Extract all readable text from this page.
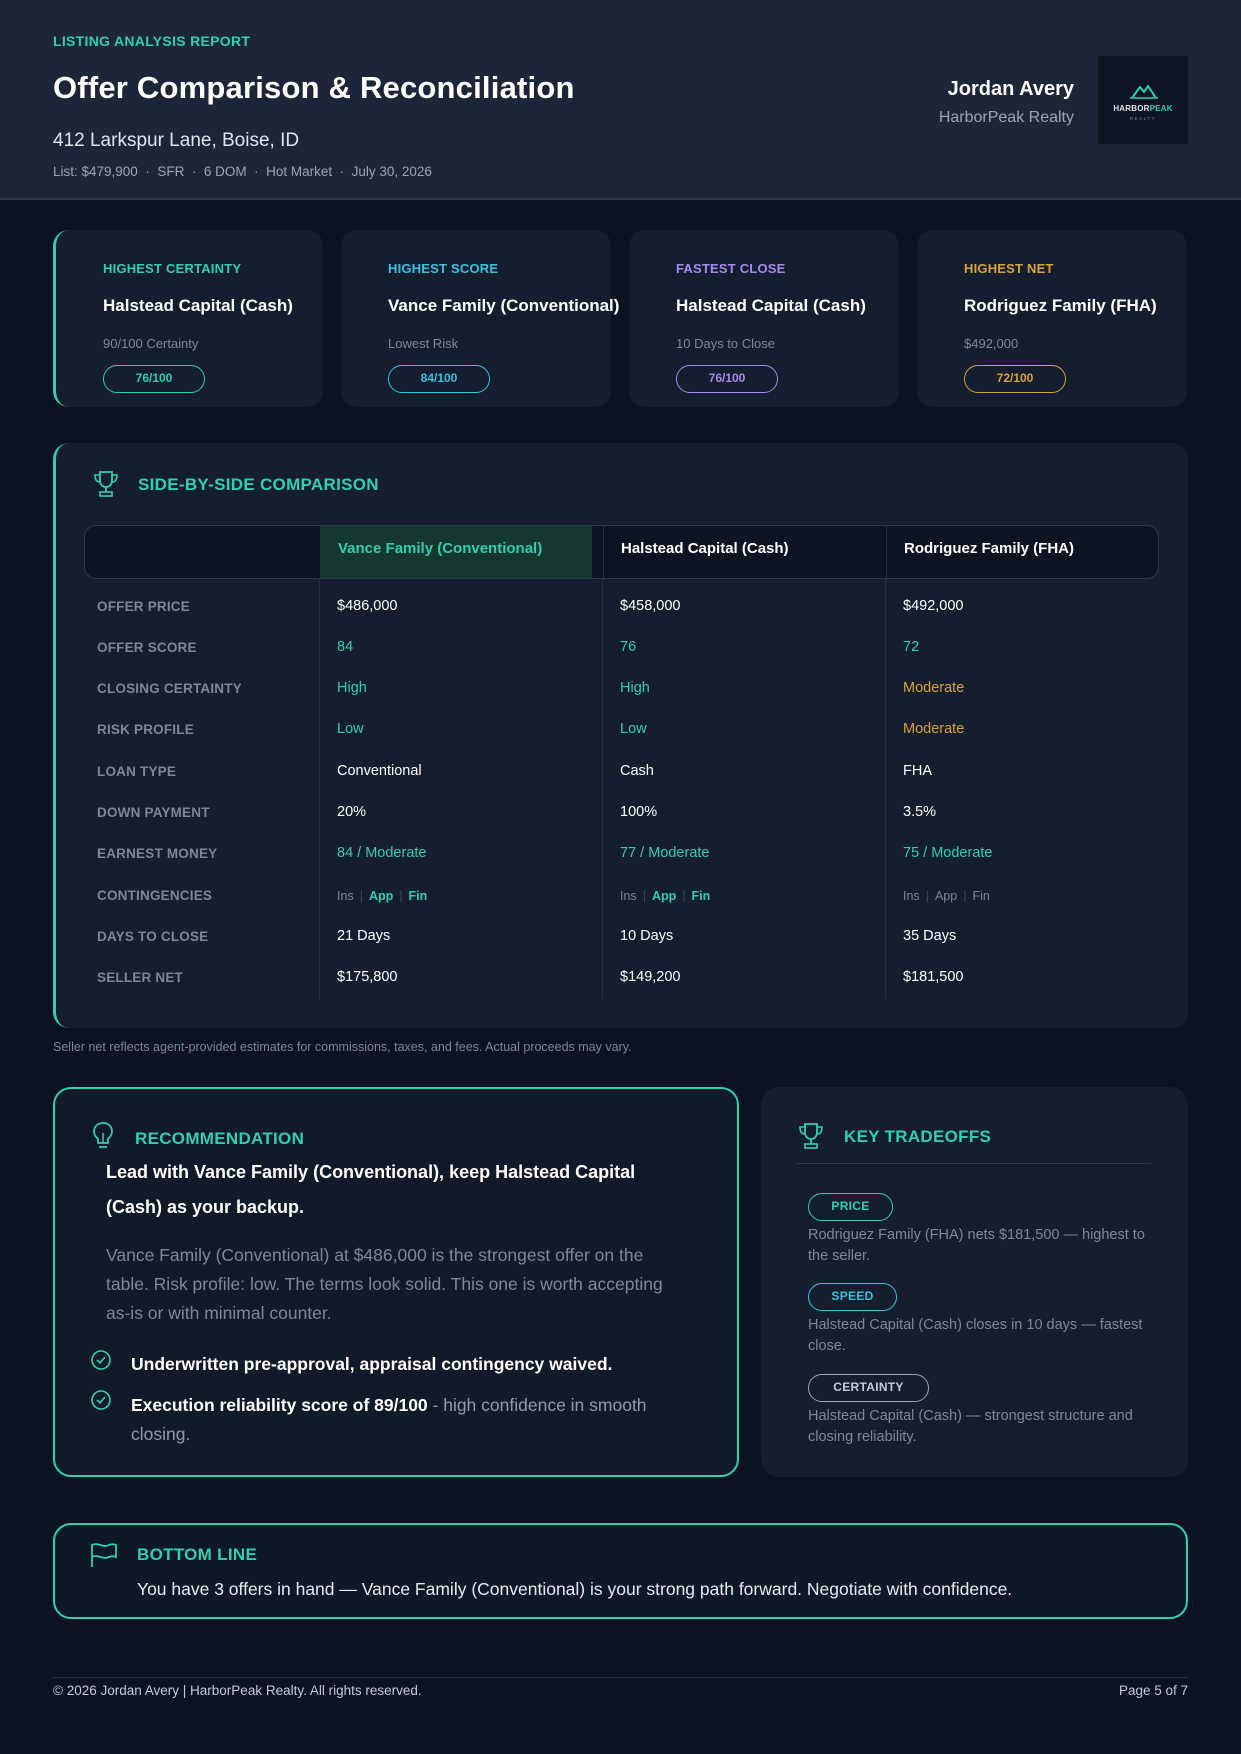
LISTING ANALYSIS REPORT
Offer Comparison & Reconciliation
412 Larkspur Lane, Boise, ID
List: $479,900  ·  SFR  ·  6 DOM  ·  Hot Market  ·  July 30, 2026
Jordan Avery
HarborPeak Realty
HARBORPEAK
REALTY
HIGHEST CERTAINTY
Halstead Capital (Cash)
90/100 Certainty
76/100
HIGHEST SCORE
Vance Family (Conventional)
Lowest Risk
84/100
FASTEST CLOSE
Halstead Capital (Cash)
10 Days to Close
76/100
HIGHEST NET
Rodriguez Family (FHA)
$492,000
72/100
SIDE-BY-SIDE COMPARISON
Vance Family (Conventional)	Halstead Capital (Cash)	Rodriguez Family (FHA)
OFFER PRICE	$486,000	$458,000	$492,000
OFFER SCORE	84	76	72
CLOSING CERTAINTY	High	High	Moderate
RISK PROFILE	Low	Low	Moderate
LOAN TYPE	Conventional	Cash	FHA
DOWN PAYMENT	20%	100%	3.5%
EARNEST MONEY	84 / Moderate	77 / Moderate	75 / Moderate
CONTINGENCIES	Ins | App | Fin	Ins | App | Fin	Ins | App | Fin
DAYS TO CLOSE	21 Days	10 Days	35 Days
SELLER NET	$175,800	$149,200	$181,500
Seller net reflects agent-provided estimates for commissions, taxes, and fees. Actual proceeds may vary.
RECOMMENDATION
Lead with Vance Family (Conventional), keep Halstead Capital (Cash) as your backup.
Vance Family (Conventional) at $486,000 is the strongest offer on the table. Risk profile: low. The terms look solid. This one is worth accepting as-is or with minimal counter.
Underwritten pre-approval, appraisal contingency waived.
Execution reliability score of 89/100 - high confidence in smooth closing.
KEY TRADEOFFS
PRICE
Rodriguez Family (FHA) nets $181,500 — highest to the seller.
SPEED
Halstead Capital (Cash) closes in 10 days — fastest close.
CERTAINTY
Halstead Capital (Cash) — strongest structure and closing reliability.
BOTTOM LINE
You have 3 offers in hand — Vance Family (Conventional) is your strong path forward. Negotiate with confidence.
© 2026 Jordan Avery | HarborPeak Realty. All rights reserved.	Page 5 of 7
